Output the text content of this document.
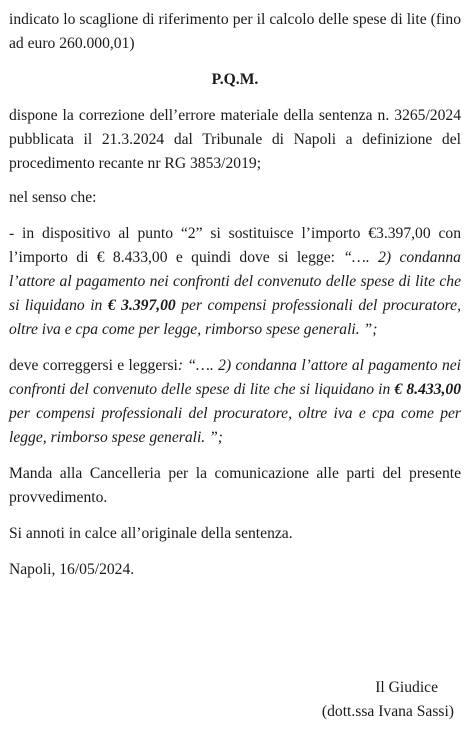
indicato lo scaglione di riferimento per il calcolo delle spese di lite (fino ad euro 260.000,01)

P.Q.M.

dispone la correzione dell’errore materiale della sentenza n. 3265/2024 pubblicata il 21.3.2024 dal Tribunale di Napoli a definizione del procedimento recante nr RG 3853/2019;

nel senso che:

- in dispositivo al punto “2” si sostituisce l’importo €3.397,00 con l’importo di € 8.433,00 e quindi dove si legge: “…. 2) condanna l’attore al pagamento nei confronti del convenuto delle spese di lite che si liquidano in € 3.397,00 per compensi professionali del procuratore, oltre iva e cpa come per legge, rimborso spese generali. ”;

deve correggersi e leggersi: “…. 2) condanna l’attore al pagamento nei confronti del convenuto delle spese di lite che si liquidano in € 8.433,00 per compensi professionali del procuratore, oltre iva e cpa come per legge, rimborso spese generali. ”;

Manda alla Cancelleria per la comunicazione alle parti del presente provvedimento.

Si annoti in calce all’originale della sentenza.

Napoli, 16/05/2024.

Il Giudice
(dott.ssa Ivana Sassi)
